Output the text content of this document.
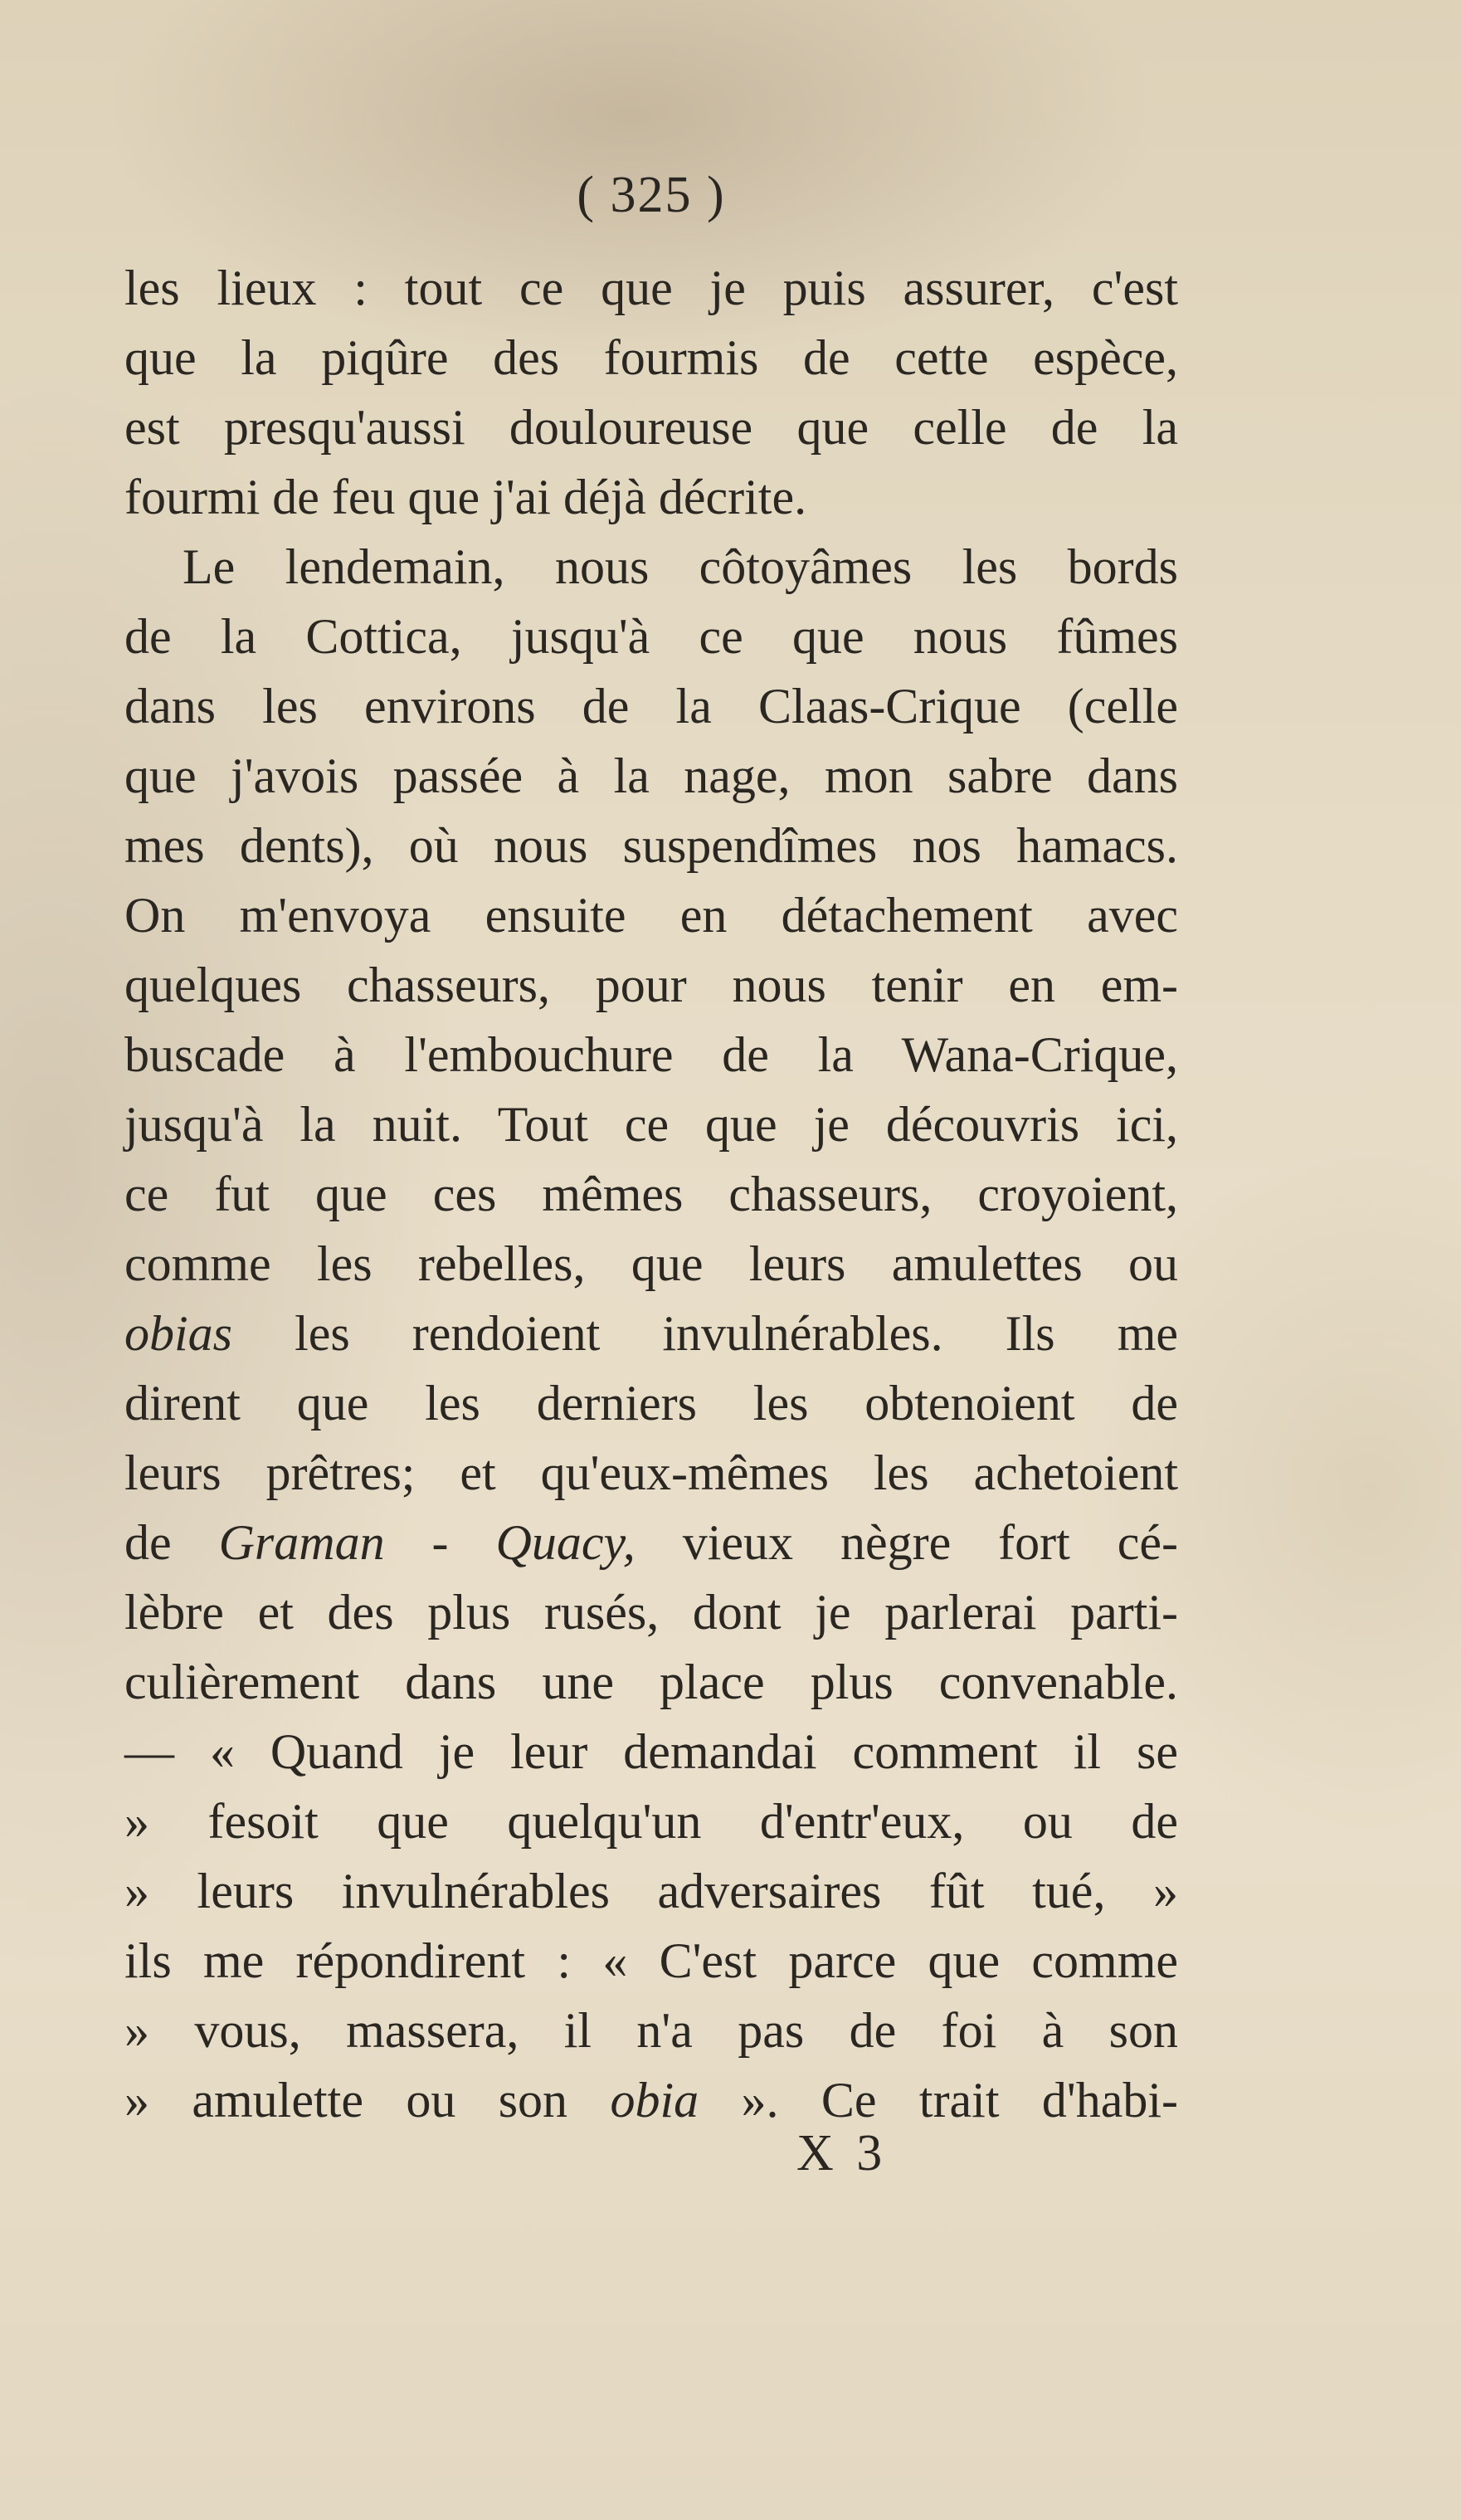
( 325 )
les lieux : tout ce que je puis assurer, c'est
que la piqûre des fourmis de cette espèce,
est presqu'aussi douloureuse que celle de la
fourmi de feu que j'ai déjà décrite.
Le lendemain, nous côtoyâmes les bords
de la Cottica, jusqu'à ce que nous fûmes
dans les environs de la Claas-Crique (celle
que j'avois passée à la nage, mon sabre dans
mes dents), où nous suspendîmes nos hamacs.
On m'envoya ensuite en détachement avec
quelques chasseurs, pour nous tenir en em-
buscade à l'embouchure de la Wana-Crique,
jusqu'à la nuit. Tout ce que je découvris ici,
ce fut que ces mêmes chasseurs, croyoient,
comme les rebelles, que leurs amulettes ou
obias les rendoient invulnérables. Ils me
dirent que les derniers les obtenoient de
leurs prêtres; et qu'eux-mêmes les achetoient
de Graman - Quacy, vieux nègre fort cé-
lèbre et des plus rusés, dont je parlerai parti-
culièrement dans une place plus convenable.
— « Quand je leur demandai comment il se
» fesoit que quelqu'un d'entr'eux, ou de
» leurs invulnérables adversaires fût tué, »
ils me répondirent : « C'est parce que comme
» vous, massera, il n'a pas de foi à son
» amulette ou son obia ». Ce trait d'habi-
X 3
